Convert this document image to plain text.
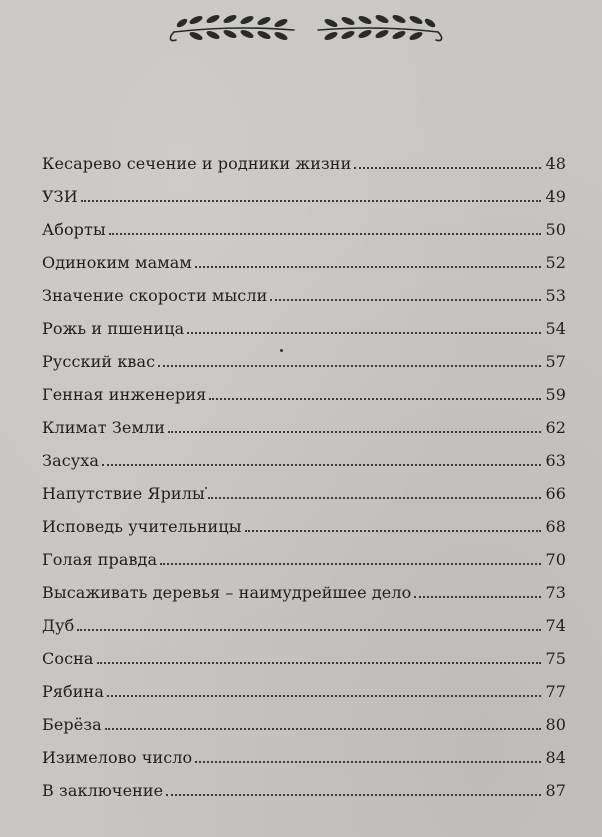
Кесарево сечение и родники жизни	48
УЗИ	49
Аборты	50
Одиноким мамам	52
Значение скорости мысли	53
Рожь и пшеница	54
Русский квас	57
Генная инженерия	59
Климат Земли	62
Засуха	63
Напутствие Ярилы	66
Исповедь учительницы	68
Голая правда	70
Высаживать деревья – наимудрейшее дело	73
Дуб	74
Сосна	75
Рябина	77
Берёза	80
Изимелово число	84
В заключение	87
